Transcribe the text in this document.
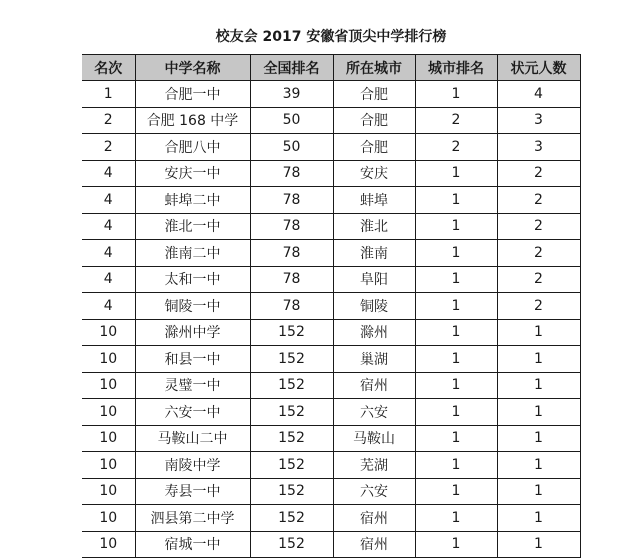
校友会 2017 安徽省顶尖中学排行榜
名次	中学名称	全国排名	所在城市	城市排名	状元人数
1	合肥一中	39	合肥	1	4
2	合肥 168 中学	50	合肥	2	3
2	合肥八中	50	合肥	2	3
4	安庆一中	78	安庆	1	2
4	蚌埠二中	78	蚌埠	1	2
4	淮北一中	78	淮北	1	2
4	淮南二中	78	淮南	1	2
4	太和一中	78	阜阳	1	2
4	铜陵一中	78	铜陵	1	2
10	滁州中学	152	滁州	1	1
10	和县一中	152	巢湖	1	1
10	灵璧一中	152	宿州	1	1
10	六安一中	152	六安	1	1
10	马鞍山二中	152	马鞍山	1	1
10	南陵中学	152	芜湖	1	1
10	寿县一中	152	六安	1	1
10	泗县第二中学	152	宿州	1	1
10	宿城一中	152	宿州	1	1
